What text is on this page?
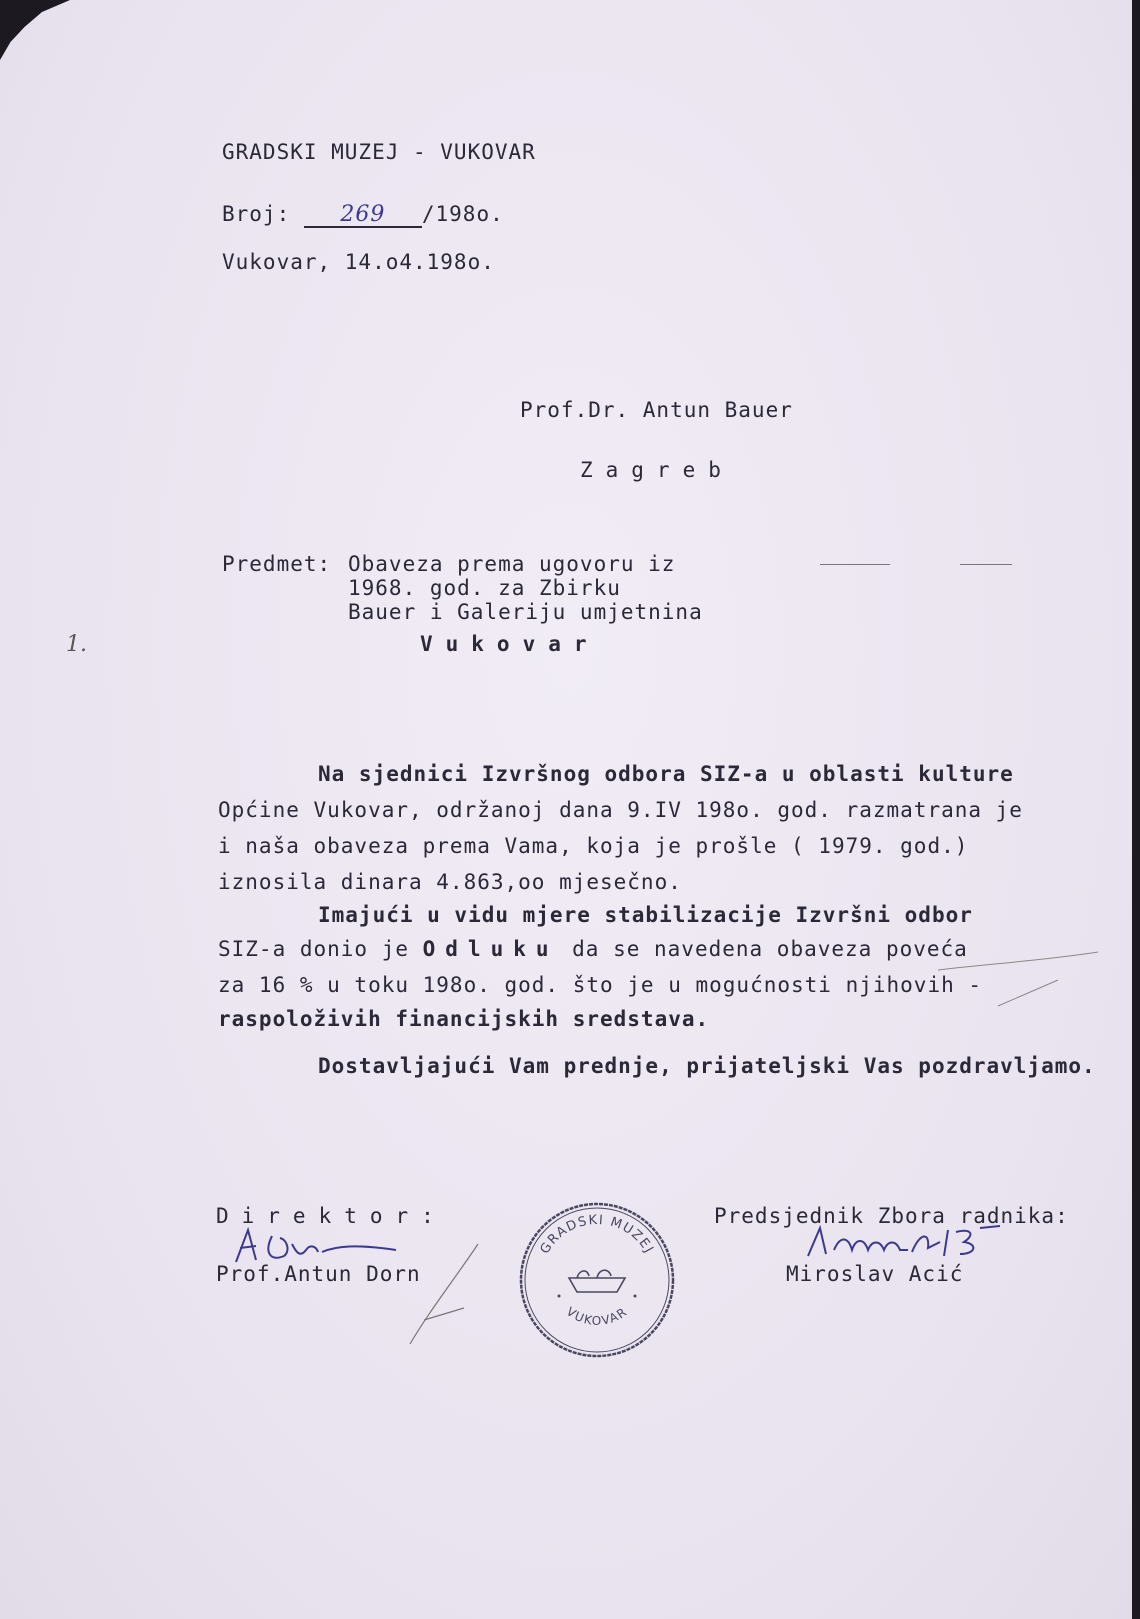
GRADSKI MUZEJ - VUKOVAR
Broj: 269 /198o.
Vukovar, 14.o4.198o.
Prof.Dr. Antun Bauer
Zagreb
Predmet: Obaveza prema ugovoru iz
1968. god. za Zbirku
Bauer i Galeriju umjetnina
Vukovar
1.
Na sjednici Izvršnog odbora SIZ-a u oblasti kulture
Općine Vukovar, održanoj dana 9.IV 198o. god. razmatrana je
i naša obaveza prema Vama, koja je prošle ( 1979. god.)
iznosila dinara 4.863,oo mjesečno.
Imajući u vidu mjere stabilizacije Izvršni odbor
SIZ-a donio je Odluku da se navedena obaveza poveća
za 16 % u toku 198o. god. što je u mogućnosti njihovih -
raspoloživih financijskih sredstava.
Dostavljajući Vam prednje, prijateljski Vas pozdravljamo.
Direktor:
Prof.Antun Dorn
Predsjednik Zbora radnika:
Miroslav Acić
GRADSKI MUZEJ
VUKOVAR
